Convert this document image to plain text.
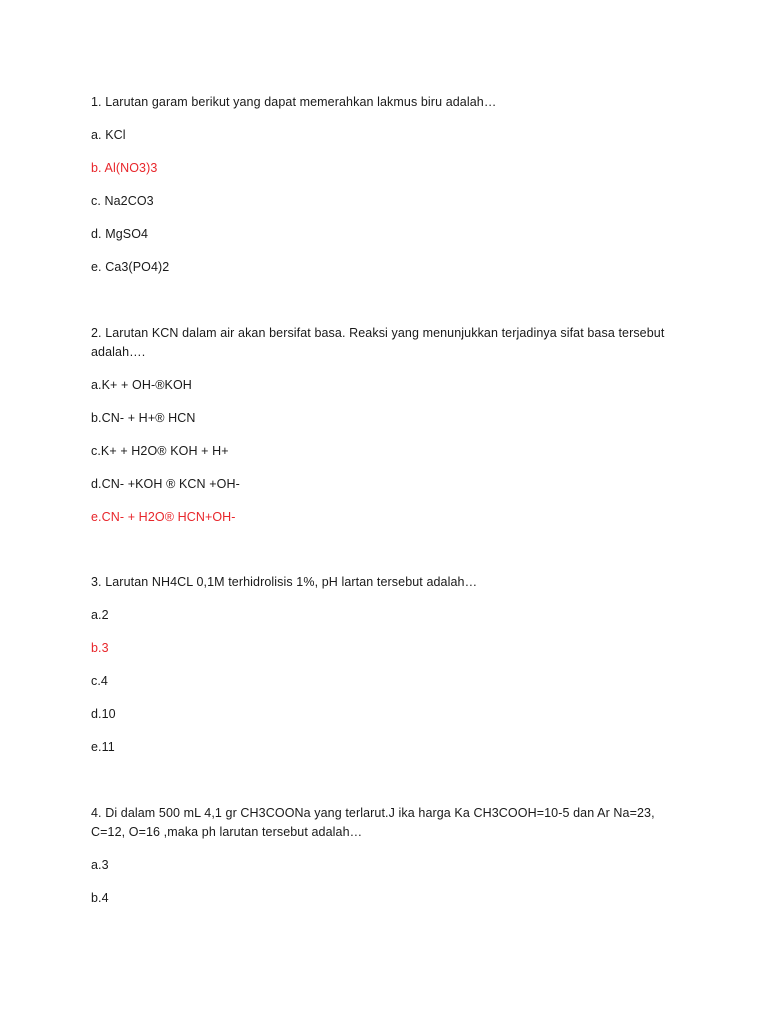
1. Larutan garam berikut yang dapat memerahkan lakmus biru adalah…
a. KCl
b. Al(NO3)3
c. Na2CO3
d. MgSO4
e. Ca3(PO4)2
2. Larutan KCN dalam air akan bersifat basa. Reaksi yang menunjukkan terjadinya sifat basa tersebut adalah….
a.K+ + OH-®KOH
b.CN- + H+® HCN
c.K+ + H2O® KOH + H+
d.CN- +KOH ® KCN +OH-
e.CN- + H2O® HCN+OH-
3. Larutan NH4CL 0,1M terhidrolisis 1%, pH lartan tersebut adalah…
a.2
b.3
c.4
d.10
e.11
4. Di dalam 500 mL 4,1 gr CH3COONa yang terlarut.J ika harga Ka CH3COOH=10-5 dan Ar Na=23, C=12, O=16 ,maka ph larutan tersebut adalah…
a.3
b.4
